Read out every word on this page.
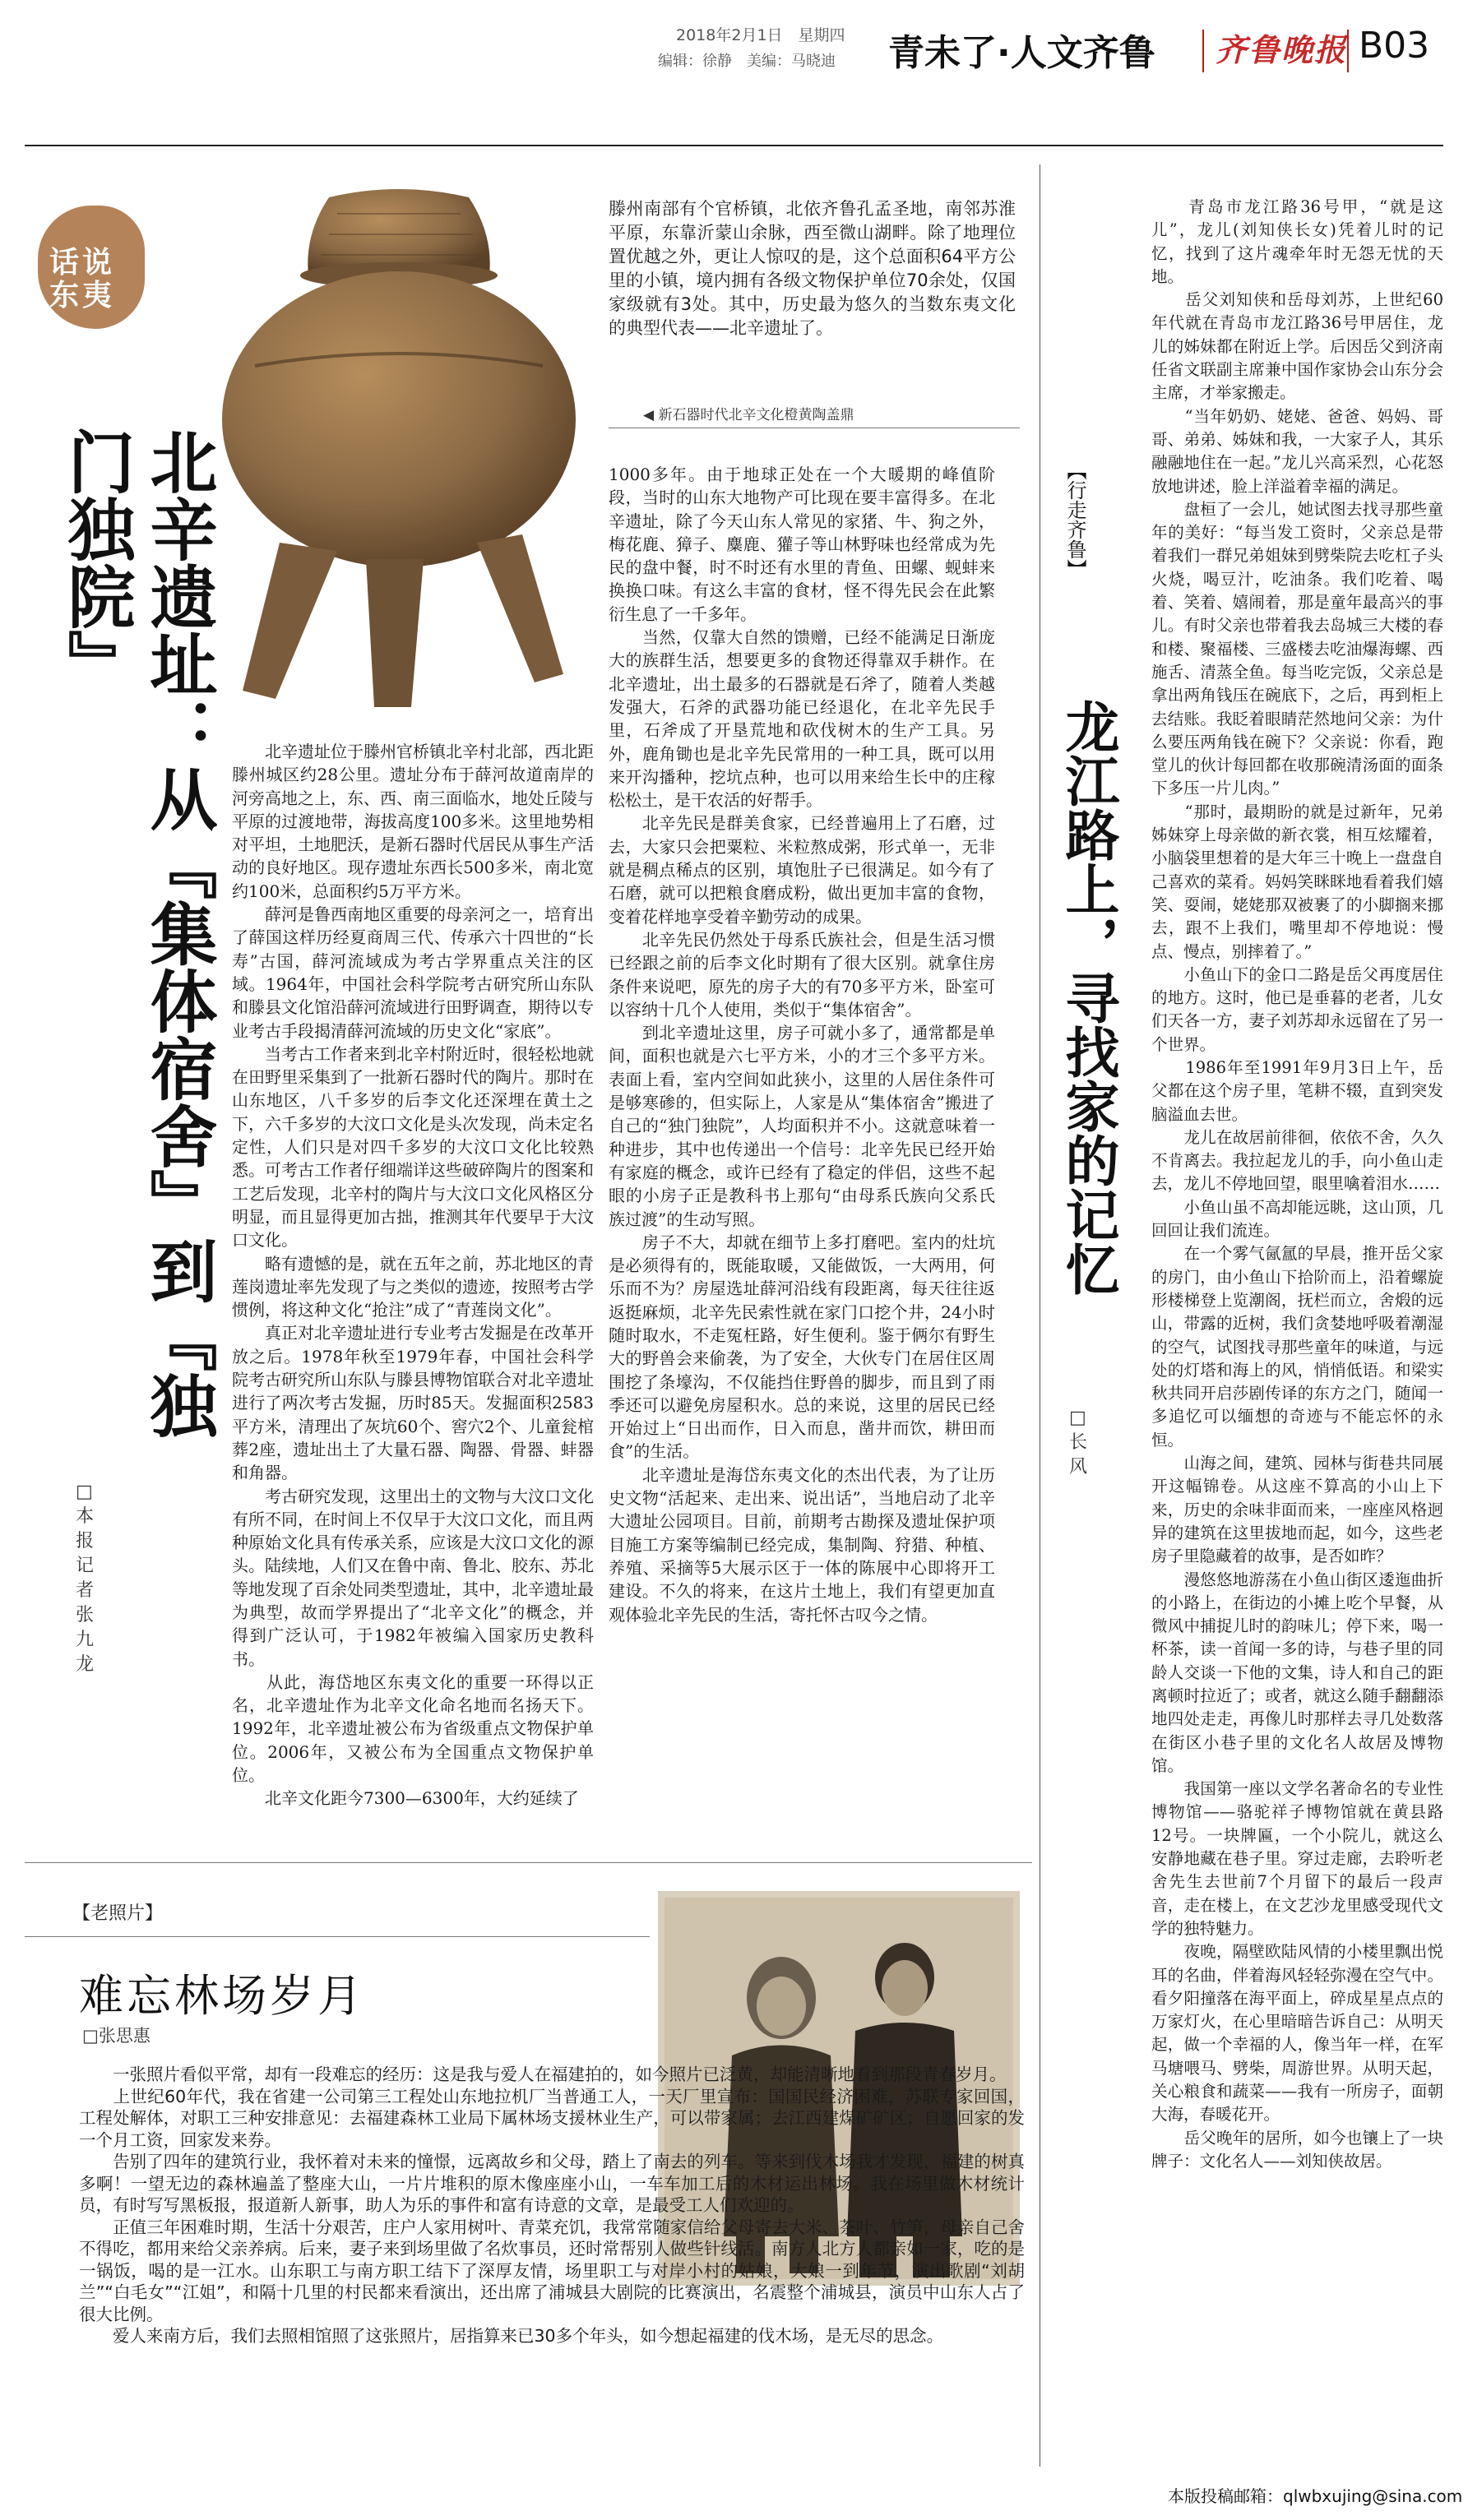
2018年2月1日　星期四
编辑：徐静　美编：马晓迪 青未了·人文齐鲁 齐鲁晚报 B03
话说东夷
北辛遗址：从『集体宿舍』到『独门独院』
□本报记者　张九龙
滕州南部有个官桥镇，北依齐鲁孔孟圣地，南邻苏淮平原，东靠沂蒙山余脉，西至微山湖畔。除了地理位置优越之外，更让人惊叹的是，这个总面积64平方公里的小镇，境内拥有各级文物保护单位70余处，仅国家级就有3处。其中，历史最为悠久的当数东夷文化的典型代表——北辛遗址了。
◀ 新石器时代北辛文化橙黄陶盖鼎
　　北辛遗址位于滕州官桥镇北辛村北部，西北距滕州城区约28公里。遗址分布于薛河故道南岸的河旁高地之上，东、西、南三面临水，地处丘陵与平原的过渡地带，海拔高度100多米。这里地势相对平坦，土地肥沃，是新石器时代居民从事生产活动的良好地区。现存遗址东西长500多米，南北宽约100米，总面积约5万平方米。
　　薛河是鲁西南地区重要的母亲河之一，培育出了薛国这样历经夏商周三代、传承六十四世的“长寿”古国，薛河流域成为考古学界重点关注的区域。1964年，中国社会科学院考古研究所山东队和滕县文化馆沿薛河流域进行田野调查，期待以专业考古手段揭清薛河流域的历史文化“家底”。
　　当考古工作者来到北辛村附近时，很轻松地就在田野里采集到了一批新石器时代的陶片。那时在山东地区，八千多岁的后李文化还深埋在黄土之下，六千多岁的大汶口文化是头次发现，尚未定名定性，人们只是对四千多岁的大汶口文化比较熟悉。可考古工作者仔细端详这些破碎陶片的图案和工艺后发现，北辛村的陶片与大汶口文化风格区分明显，而且显得更加古拙，推测其年代要早于大汶口文化。
　　略有遗憾的是，就在五年之前，苏北地区的青莲岗遗址率先发现了与之类似的遗迹，按照考古学惯例，将这种文化“抢注”成了“青莲岗文化”。
　　真正对北辛遗址进行专业考古发掘是在改革开放之后。1978年秋至1979年春，中国社会科学院考古研究所山东队与滕县博物馆联合对北辛遗址进行了两次考古发掘，历时85天。发掘面积2583平方米，清理出了灰坑60个、窖穴2个、儿童瓮棺葬2座，遗址出土了大量石器、陶器、骨器、蚌器和角器。
　　考古研究发现，这里出土的文物与大汶口文化有所不同，在时间上不仅早于大汶口文化，而且两种原始文化具有传承关系，应该是大汶口文化的源头。陆续地，人们又在鲁中南、鲁北、胶东、苏北等地发现了百余处同类型遗址，其中，北辛遗址最为典型，故而学界提出了“北辛文化”的概念，并得到广泛认可，于1982年被编入国家历史教科书。
　　从此，海岱地区东夷文化的重要一环得以正名，北辛遗址作为北辛文化命名地而名扬天下。1992年，北辛遗址被公布为省级重点文物保护单位。2006年，又被公布为全国重点文物保护单位。
　　北辛文化距今7300—6300年，大约延续了
1000多年。由于地球正处在一个大暖期的峰值阶段，当时的山东大地物产可比现在要丰富得多。在北辛遗址，除了今天山东人常见的家猪、牛、狗之外，梅花鹿、獐子、麋鹿、獾子等山林野味也经常成为先民的盘中餐，时不时还有水里的青鱼、田螺、蚬蚌来换换口味。有这么丰富的食材，怪不得先民会在此繁衍生息了一千多年。
　　当然，仅靠大自然的馈赠，已经不能满足日渐庞大的族群生活，想要更多的食物还得靠双手耕作。在北辛遗址，出土最多的石器就是石斧了，随着人类越发强大，石斧的武器功能已经退化，在北辛先民手里，石斧成了开垦荒地和砍伐树木的生产工具。另外，鹿角锄也是北辛先民常用的一种工具，既可以用来开沟播种，挖坑点种，也可以用来给生长中的庄稼松松土，是干农活的好帮手。
　　北辛先民是群美食家，已经普遍用上了石磨，过去，大家只会把粟粒、米粒熬成粥，形式单一，无非就是稠点稀点的区别，填饱肚子已很满足。如今有了石磨，就可以把粮食磨成粉，做出更加丰富的食物，变着花样地享受着辛勤劳动的成果。
　　北辛先民仍然处于母系氏族社会，但是生活习惯已经跟之前的后李文化时期有了很大区别。就拿住房条件来说吧，原先的房子大的有70多平方米，卧室可以容纳十几个人使用，类似于“集体宿舍”。
　　到北辛遗址这里，房子可就小多了，通常都是单间，面积也就是六七平方米，小的才三个多平方米。表面上看，室内空间如此狭小，这里的人居住条件可是够寒碜的，但实际上，人家是从“集体宿舍”搬进了自己的“独门独院”，人均面积并不小。这就意味着一种进步，其中也传递出一个信号：北辛先民已经开始有家庭的概念，或许已经有了稳定的伴侣，这些不起眼的小房子正是教科书上那句“由母系氏族向父系氏族过渡”的生动写照。
　　房子不大，却就在细节上多打磨吧。室内的灶坑是必须得有的，既能取暖，又能做饭，一大两用，何乐而不为？房屋选址薛河沿线有段距离，每天往往返返挺麻烦，北辛先民索性就在家门口挖个井，24小时随时取水，不走冤枉路，好生便利。鉴于俩尔有野生大的野兽会来偷袭，为了安全，大伙专门在居住区周围挖了条壕沟，不仅能挡住野兽的脚步，而且到了雨季还可以避免房屋积水。总的来说，这里的居民已经开始过上“日出而作，日入而息，凿井而饮，耕田而食”的生活。
　　北辛遗址是海岱东夷文化的杰出代表，为了让历史文物“活起来、走出来、说出话”，当地启动了北辛大遗址公园项目。目前，前期考古勘探及遗址保护项目施工方案等编制已经完成，集制陶、狩猎、种植、养殖、采摘等5大展示区于一体的陈展中心即将开工建设。不久的将来，在这片土地上，我们有望更加直观体验北辛先民的生活，寄托怀古叹今之情。
【行走齐鲁】
龙江路上，寻找家的记忆
□长风
　　青岛市龙江路36号甲，“就是这儿”，龙儿(刘知侠长女)凭着儿时的记忆，找到了这片魂牵年时无怨无忧的天地。
　　岳父刘知侠和岳母刘苏，上世纪60年代就在青岛市龙江路36号甲居住，龙儿的姊妹都在附近上学。后因岳父到济南任省文联副主席兼中国作家协会山东分会主席，才举家搬走。
　　“当年奶奶、姥姥、爸爸、妈妈、哥哥、弟弟、姊妹和我，一大家子人，其乐融融地住在一起。”龙儿兴高采烈，心花怒放地讲述，脸上洋溢着幸福的满足。
　　盘桓了一会儿，她试图去找寻那些童年的美好：“每当发工资时，父亲总是带着我们一群兄弟姐妹到劈柴院去吃杠子头火烧，喝豆汁，吃油条。我们吃着、喝着、笑着、嬉闹着，那是童年最高兴的事儿。有时父亲也带着我去岛城三大楼的春和楼、聚福楼、三盛楼去吃油爆海螺、西施舌、清蒸全鱼。每当吃完饭，父亲总是拿出两角钱压在碗底下，之后，再到柜上去结账。我眨着眼睛茫然地问父亲：为什么要压两角钱在碗下？父亲说：你看，跑堂儿的伙计每回都在收那碗清汤面的面条下多压一片儿肉。”
　　“那时，最期盼的就是过新年，兄弟姊妹穿上母亲做的新衣裳，相互炫耀着，小脑袋里想着的是大年三十晚上一盘盘自己喜欢的菜肴。妈妈笑眯眯地看着我们嬉笑、耍闹，姥姥那双被裹了的小脚搁来挪去，跟不上我们，嘴里却不停地说：慢点、慢点，别摔着了。”
　　小鱼山下的金口二路是岳父再度居住的地方。这时，他已是垂暮的老者，儿女们天各一方，妻子刘苏却永远留在了另一个世界。
　　1986年至1991年9月3日上午，岳父都在这个房子里，笔耕不辍，直到突发脑溢血去世。
　　龙儿在故居前徘徊，依依不舍，久久不肯离去。我拉起龙儿的手，向小鱼山走去，龙儿不停地回望，眼里噙着泪水……
　　小鱼山虽不高却能远眺，这山顶，几回回让我们流连。
　　在一个雾气氤氲的早晨，推开岳父家的房门，由小鱼山下拾阶而上，沿着螺旋形楼梯登上览潮阁，抚栏而立，舍煅的远山，带露的近树，我们贪婪地呼吸着潮湿的空气，试图找寻那些童年的味道，与远处的灯塔和海上的风，悄悄低语。和梁实秋共同开启莎剧传译的东方之门，随闻一多追忆可以缅想的奇迹与不能忘怀的永恒。
　　山海之间，建筑、园林与街巷共同展开这幅锦卷。从这座不算高的小山上下来，历史的余味非面而来，一座座风格迥异的建筑在这里拔地而起，如今，这些老房子里隐藏着的故事，是否如昨？
　　漫悠悠地游荡在小鱼山街区逶迤曲折的小路上，在街边的小摊上吃个早餐，从微风中捕捉儿时的韵味儿；停下来，喝一杯茶，读一首闻一多的诗，与巷子里的同龄人交谈一下他的文集，诗人和自己的距离顿时拉近了；或者，就这么随手翻翻添地四处走走，再像儿时那样去寻几处数落在街区小巷子里的文化名人故居及博物馆。
　　我国第一座以文学名著命名的专业性博物馆——骆驼祥子博物馆就在黄县路12号。一块牌匾，一个小院儿，就这么安静地藏在巷子里。穿过走廊，去聆听老舍先生去世前7个月留下的最后一段声音，走在楼上，在文艺沙龙里感受现代文学的独特魅力。
　　夜晚，隔壁欧陆风情的小楼里飘出悦耳的名曲，伴着海风轻轻弥漫在空气中。看夕阳撞落在海平面上，碎成星星点点的万家灯火，在心里暗暗告诉自己：从明天起，做一个幸福的人，像当年一样，在军马塘喂马、劈柴，周游世界。从明天起，关心粮食和蔬菜——我有一所房子，面朝大海，春暖花开。
　　岳父晚年的居所，如今也镶上了一块牌子：文化名人——刘知侠故居。
【老照片】
难忘林场岁月
□张思惠
　　一张照片看似平常，却有一段难忘的经历：这是我与爱人在福建拍的，如今照片已泛黄，却能清晰地看到那段青春岁月。
　　上世纪60年代，我在省建一公司第三工程处山东地拉机厂当普通工人，一天厂里宣布：国国民经济困难，苏联专家回国，工程处解体，对职工三种安排意见：去福建森林工业局下属林场支援林业生产，可以带家属；去江西建煤矿矿区；自愿回家的发一个月工资，回家发来券。
　　告别了四年的建筑行业，我怀着对未来的憧憬，远离故乡和父母，踏上了南去的列车。等来到伐木场我才发现，福建的树真多啊！一望无边的森林遍盖了整座大山，一片片堆积的原木像座座小山，一车车加工后的木材运出林场。我在场里做木材统计员，有时写写黑板报，报道新人新事，助人为乐的事件和富有诗意的文章，是最受工人们欢迎的。
　　正值三年困难时期，生活十分艰苦，庄户人家用树叶、青菜充饥，我常常随家信给父母寄去大米、茶叶、竹笋，母亲自己舍不得吃，都用来给父亲养病。后来，妻子来到场里做了名炊事员，还时常帮别人做些针线活。南方人北方人都亲如一家，吃的是一锅饭，喝的是一江水。山东职工与南方职工结下了深厚友情，场里职工与对岸小村的姑娘，大娘一到年节，演出歌剧“刘胡兰”“白毛女”“江姐”，和隔十几里的村民都来看演出，还出席了浦城县大剧院的比赛演出，名震整个浦城县，演员中山东人占了很大比例。
　　爱人来南方后，我们去照相馆照了这张照片，居指算来已30多个年头，如今想起福建的伐木场，是无尽的思念。
本版投稿邮箱：qlwbxujing@sina.com
